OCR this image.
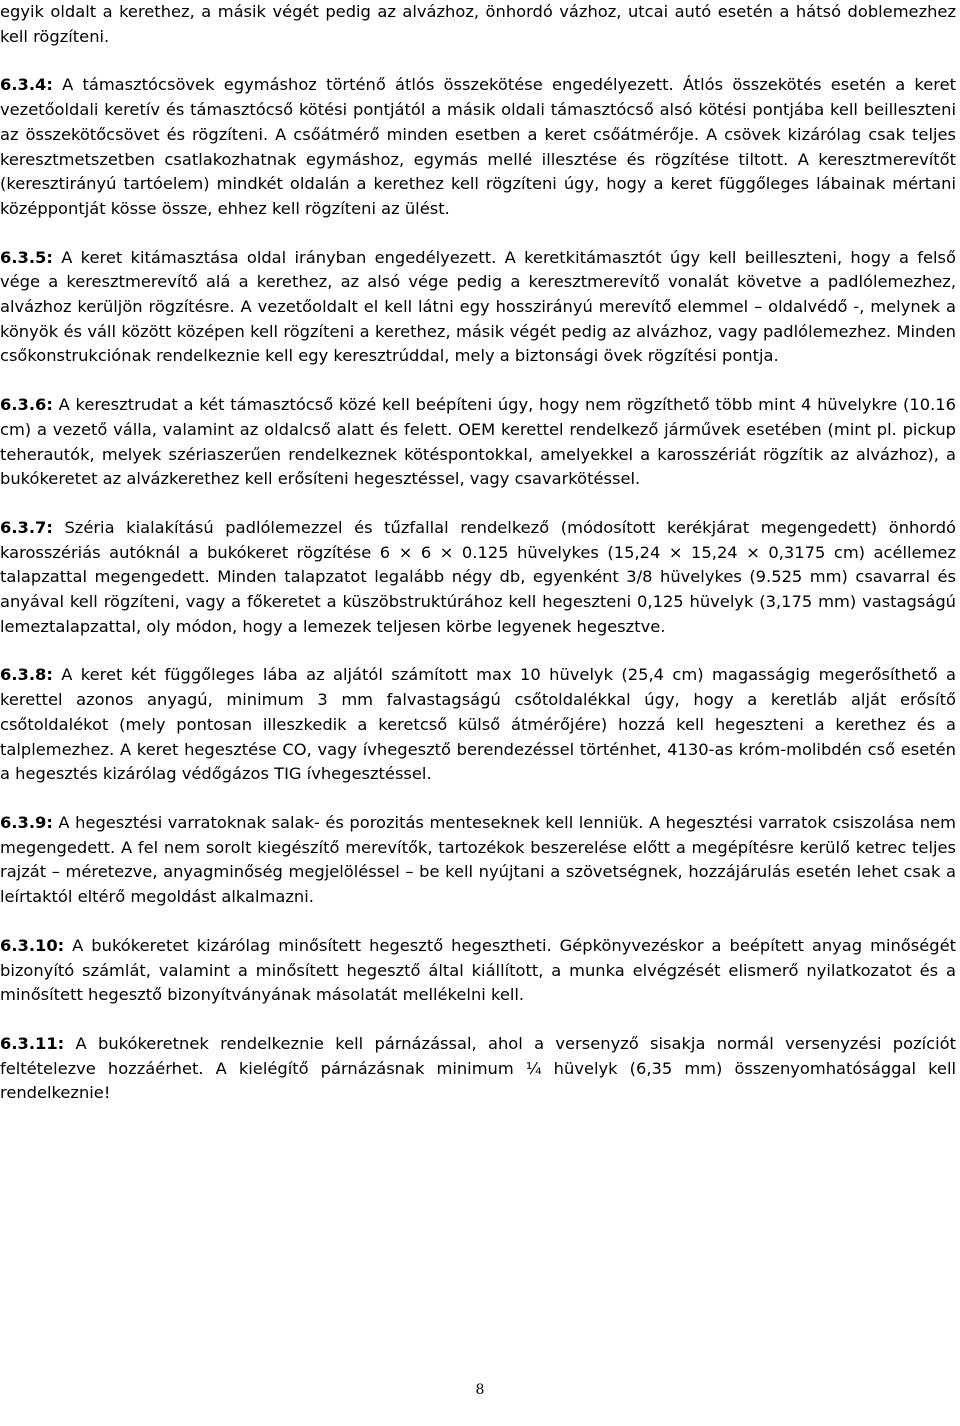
egyik oldalt a kerethez, a másik végét pedig az alvázhoz, önhordó vázhoz, utcai autó esetén a hátsó doblemezhez kell rögzíteni.

6.3.4: A támasztócsövek egymáshoz történő átlós összekötése engedélyezett. Átlós összekötés esetén a keret vezetőoldali keretív és támasztócső kötési pontjától a másik oldali támasztócső alsó kötési pontjába kell beilleszteni az összekötőcsövet és rögzíteni. A csőátmérő minden esetben a keret csőátmérője. A csövek kizárólag csak teljes keresztmetszetben csatlakozhatnak egymáshoz, egymás mellé illesztése és rögzítése tiltott. A keresztmerevítőt (keresztirányú tartóelem) mindkét oldalán a kerethez kell rögzíteni úgy, hogy a keret függőleges lábainak mértani középpontját kösse össze, ehhez kell rögzíteni az ülést.

6.3.5: A keret kitámasztása oldal irányban engedélyezett. A keretkitámasztót úgy kell beilleszteni, hogy a felső vége a keresztmerevítő alá a kerethez, az alsó vége pedig a keresztmerevítő vonalát követve a padlólemezhez, alvázhoz kerüljön rögzítésre. A vezetőoldalt el kell látni egy hosszirányú merevítő elemmel – oldalvédő -, melynek a könyök és váll között középen kell rögzíteni a kerethez, másik végét pedig az alvázhoz, vagy padlólemezhez. Minden csőkonstrukciónak rendelkeznie kell egy keresztrúddal, mely a biztonsági övek rögzítési pontja.

6.3.6: A keresztrudat a két támasztócső közé kell beépíteni úgy, hogy nem rögzíthető több mint 4 hüvelykre (10.16 cm) a vezető válla, valamint az oldalcső alatt és felett. OEM kerettel rendelkező járművek esetében (mint pl. pickup teherautók, melyek szériaszerűen rendelkeznek kötéspontokkal, amelyekkel a karosszériát rögzítik az alvázhoz), a bukókeretet az alvázkerethez kell erősíteni hegesztéssel, vagy csavarkötéssel.

6.3.7: Széria kialakítású padlólemezzel és tűzfallal rendelkező (módosított kerékjárat megengedett) önhordó karosszériás autóknál a bukókeret rögzítése 6 × 6 × 0.125 hüvelykes (15,24 × 15,24 × 0,3175 cm) acéllemez talapzattal megengedett. Minden talapzatot legalább négy db, egyenként 3/8 hüvelykes (9.525 mm) csavarral és anyával kell rögzíteni, vagy a főkeretet a küszöbstruktúrához kell hegeszteni 0,125 hüvelyk (3,175 mm) vastagságú lemeztalapzattal, oly módon, hogy a lemezek teljesen körbe legyenek hegesztve.

6.3.8: A keret két függőleges lába az aljától számított max 10 hüvelyk (25,4 cm) magasságig megerősíthető a kerettel azonos anyagú, minimum 3 mm falvastagságú csőtoldalékkal úgy, hogy a keretláb alját erősítő csőtoldalékot (mely pontosan illeszkedik a keretcső külső átmérőjére) hozzá kell hegeszteni a kerethez és a talplemezhez. A keret hegesztése CO, vagy ívhegesztő berendezéssel történhet, 4130-as króm-molibdén cső esetén a hegesztés kizárólag védőgázos TIG ívhegesztéssel.

6.3.9: A hegesztési varratoknak salak- és porozitás menteseknek kell lenniük. A hegesztési varratok csiszolása nem megengedett. A fel nem sorolt kiegészítő merevítők, tartozékok beszerelése előtt a megépítésre kerülő ketrec teljes rajzát – méretezve, anyagminőség megjelöléssel – be kell nyújtani a szövetségnek, hozzájárulás esetén lehet csak a leírtaktól eltérő megoldást alkalmazni.

6.3.10: A bukókeretet kizárólag minősített hegesztő hegesztheti. Gépkönyvezéskor a beépített anyag minőségét bizonyító számlát, valamint a minősített hegesztő által kiállított, a munka elvégzését elismerő nyilatkozatot és a minősített hegesztő bizonyítványának másolatát mellékelni kell.

6.3.11: A bukókeretnek rendelkeznie kell párnázással, ahol a versenyző sisakja normál versenyzési pozíciót feltételezve hozzáérhet. A kielégítő párnázásnak minimum ¼ hüvelyk (6,35 mm) összenyomhatósággal kell rendelkeznie!

8
